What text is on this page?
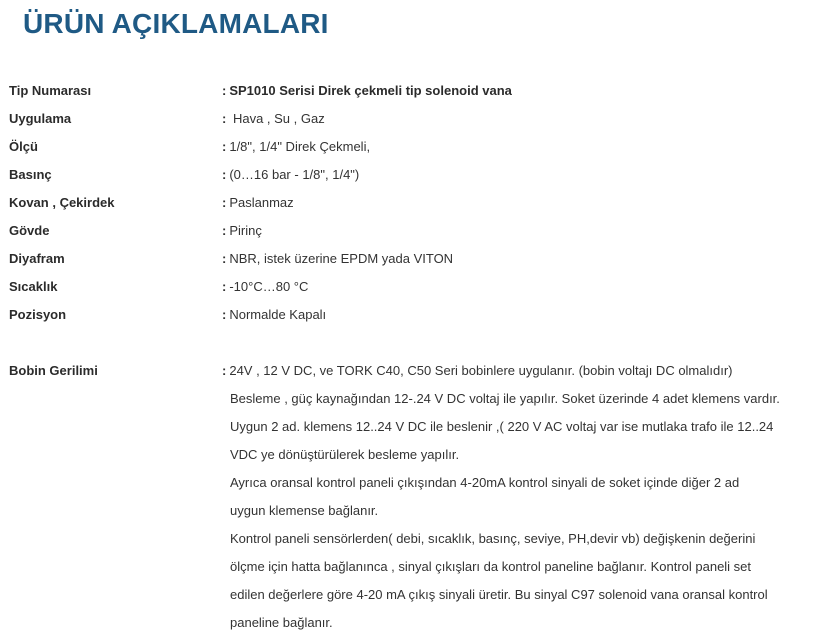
ÜRÜN AÇIKLAMALARI
Tip Numarası	: SP1010 Serisi Direk çekmeli tip solenoid vana
Uygulama	: Hava , Su , Gaz
Ölçü	: 1/8", 1/4" Direk Çekmeli,
Basınç	: (0…16 bar - 1/8", 1/4")
Kovan , Çekirdek	: Paslanmaz
Gövde	: Pirinç
Diyafram	: NBR, istek üzerine EPDM yada VITON
Sıcaklık	: -10°C…80 °C
Pozisyon	: Normalde Kapalı
Bobin Gerilimi	: 24V , 12 V DC, ve TORK C40, C50 Seri bobinlere uygulanır. (bobin voltajı DC olmalıdır)
Besleme , güç kaynağından 12-.24 V DC voltaj ile yapılır. Soket üzerinde 4 adet klemens vardır.
Uygun 2 ad. klemens 12..24 V DC ile beslenir ,( 220 V AC voltaj var ise mutlaka trafo ile 12..24
VDC ye dönüştürülerek besleme yapılır.
Ayrıca oransal kontrol paneli çıkışından 4-20mA kontrol sinyali de soket içinde diğer 2 ad
uygun klemense bağlanır.
Kontrol paneli sensörlerden( debi, sıcaklık, basınç, seviye, PH,devir vb) değişkenin değerini
ölçme için hatta bağlanınca , sinyal çıkışları da kontrol paneline bağlanır. Kontrol paneli set
edilen değerlere göre 4-20 mA çıkış sinyali üretir. Bu sinyal C97 solenoid vana oransal kontrol
paneline bağlanır.
